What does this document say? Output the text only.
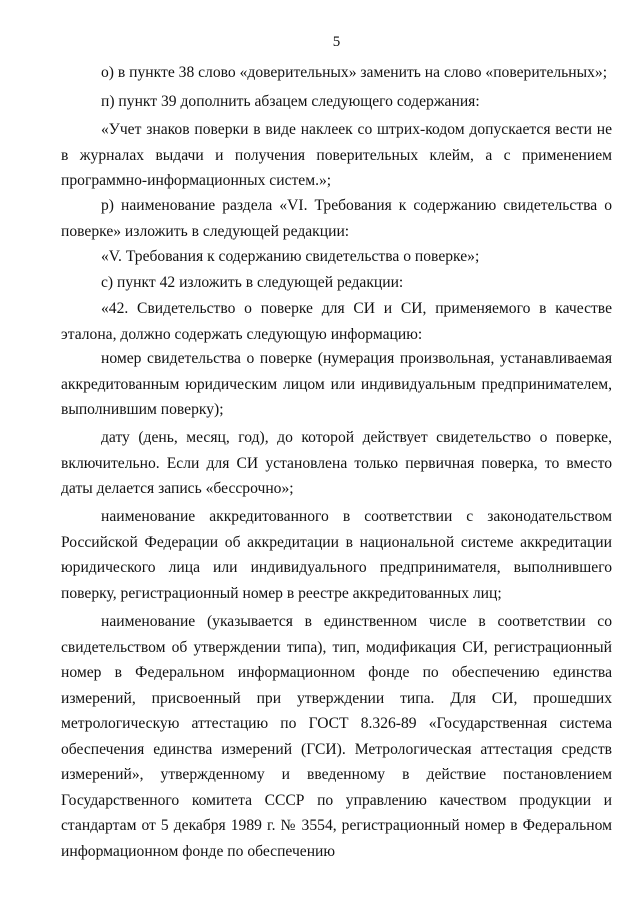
5

о) в пункте 38 слово «доверительных» заменить на слово «поверительных»;

п) пункт 39 дополнить абзацем следующего содержания:

«Учет знаков поверки в виде наклеек со штрих-кодом допускается вести не в журналах выдачи и получения поверительных клейм, а с применением программно-информационных систем.»;

р) наименование раздела «VI. Требования к содержанию свидетельства о поверке» изложить в следующей редакции:

«V. Требования к содержанию свидетельства о поверке»;

с) пункт 42 изложить в следующей редакции:

«42. Свидетельство о поверке для СИ и СИ, применяемого в качестве эталона, должно содержать следующую информацию:

номер свидетельства о поверке (нумерация произвольная, устанавливаемая аккредитованным юридическим лицом или индивидуальным предпринимателем, выполнившим поверку);

дату (день, месяц, год), до которой действует свидетельство о поверке, включительно. Если для СИ установлена только первичная поверка, то вместо даты делается запись «бессрочно»;

наименование аккредитованного в соответствии с законодательством Российской Федерации об аккредитации в национальной системе аккредитации юридического лица или индивидуального предпринимателя, выполнившего поверку, регистрационный номер в реестре аккредитованных лиц;

наименование (указывается в единственном числе в соответствии со свидетельством об утверждении типа), тип, модификация СИ, регистрационный номер в Федеральном информационном фонде по обеспечению единства измерений, присвоенный при утверждении типа. Для СИ, прошедших метрологическую аттестацию по ГОСТ 8.326-89 «Государственная система обеспечения единства измерений (ГСИ). Метрологическая аттестация средств измерений», утвержденному и введенному в действие постановлением Государственного комитета СССР по управлению качеством продукции и стандартам от 5 декабря 1989 г. № 3554, регистрационный номер в Федеральном информационном фонде по обеспечению
